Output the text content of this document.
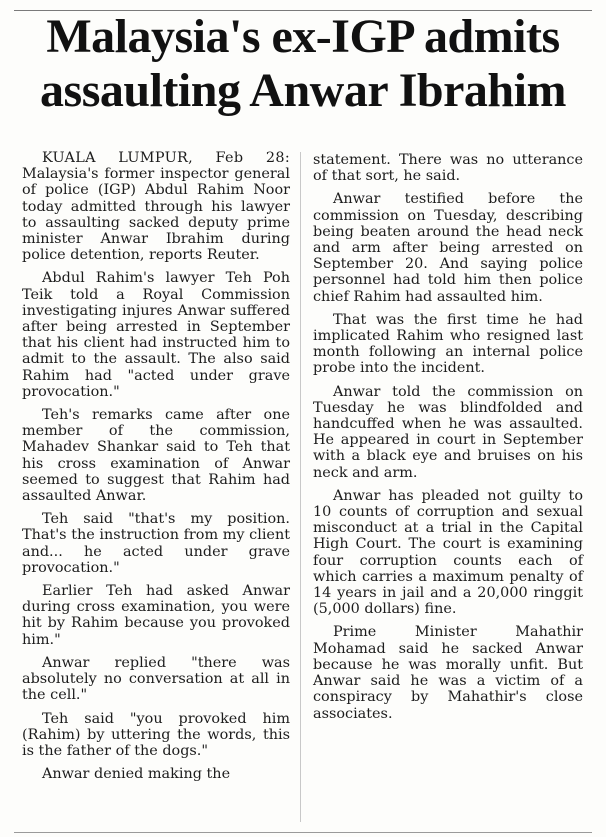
Malaysia's ex-IGP admits
assaulting Anwar Ibrahim

KUALA LUMPUR, Feb 28: Malaysia's former inspector general of police (IGP) Abdul Rahim Noor today admitted through his lawyer to assaulting sacked deputy prime minister Anwar Ibrahim during police detention, reports Reuter.

Abdul Rahim's lawyer Teh Poh Teik told a Royal Commission investigating injures Anwar suffered after being arrested in September that his client had instructed him to admit to the assault. The also said Rahim had "acted under grave provocation."

Teh's remarks came after one member of the commission, Mahadev Shankar said to Teh that his cross examination of Anwar seemed to suggest that Rahim had assaulted Anwar.

Teh said "that's my position. That's the instruction from my client and... he acted under grave provocation."

Earlier Teh had asked Anwar during cross examination, you were hit by Rahim because you provoked him."

Anwar replied "there was absolutely no conversation at all in the cell."

Teh said "you provoked him (Rahim) by uttering the words, this is the father of the dogs."

Anwar denied making the

statement. There was no utterance of that sort, he said.

Anwar testified before the commission on Tuesday, describing being beaten around the head neck and arm after being arrested on September 20. And saying police personnel had told him then police chief Rahim had assaulted him.

That was the first time he had implicated Rahim who resigned last month following an internal police probe into the incident.

Anwar told the commission on Tuesday he was blindfolded and handcuffed when he was assaulted. He appeared in court in September with a black eye and bruises on his neck and arm.

Anwar has pleaded not guilty to 10 counts of corruption and sexual misconduct at a trial in the Capital High Court. The court is examining four corruption counts each of which carries a maximum penalty of 14 years in jail and a 20,000 ringgit (5,000 dollars) fine.

Prime Minister Mahathir Mohamad said he sacked Anwar because he was morally unfit. But Anwar said he was a victim of a conspiracy by Mahathir's close associates.
